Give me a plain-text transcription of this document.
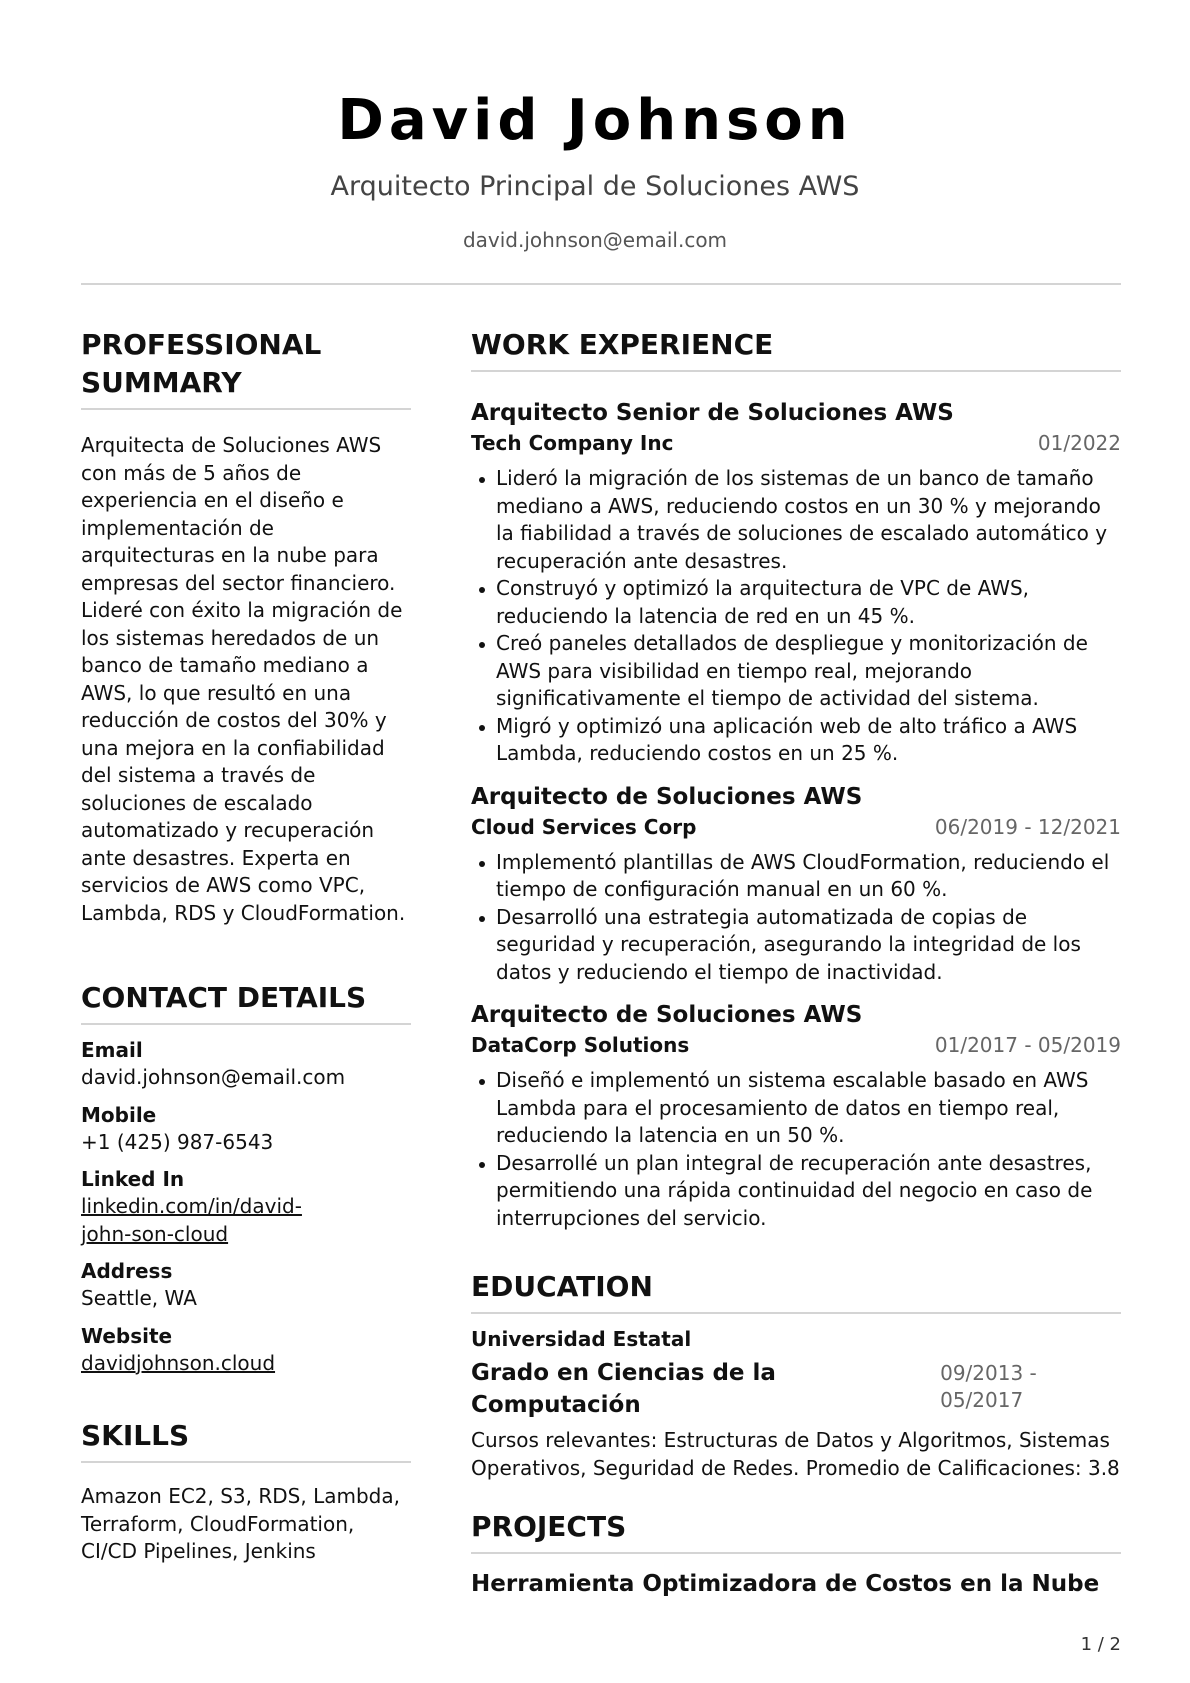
David Johnson
Arquitecto Principal de Soluciones AWS
david.johnson@email.com
PROFESSIONAL
SUMMARY
Arquitecta de Soluciones AWS con más de 5 años de experiencia en el diseño e implementación de arquitecturas en la nube para empresas del sector financiero. Lideré con éxito la migración de los sistemas heredados de un banco de tamaño mediano a AWS, lo que resultó en una reducción de costos del 30% y una mejora en la confiabilidad del sistema a través de soluciones de escalado automatizado y recuperación ante desastres. Experta en servicios de AWS como VPC, Lambda, RDS y CloudFormation.
CONTACT DETAILS
Email
david.johnson@email.com
Mobile
+1 (425) 987-6543
Linked In
linkedin.com/in/david-john-son-cloud
Address
Seattle, WA
Website
davidjohnson.cloud
SKILLS
Amazon EC2, S3, RDS, Lambda, Terraform, CloudFormation, CI/CD Pipelines, Jenkins
WORK EXPERIENCE
Arquitecto Senior de Soluciones AWS
Tech Company Inc	01/2022
Lideró la migración de los sistemas de un banco de tamaño mediano a AWS, reduciendo costos en un 30 % y mejorando la fiabilidad a través de soluciones de escalado automático y recuperación ante desastres.
Construyó y optimizó la arquitectura de VPC de AWS, reduciendo la latencia de red en un 45 %.
Creó paneles detallados de despliegue y monitorización de AWS para visibilidad en tiempo real, mejorando significativamente el tiempo de actividad del sistema.
Migró y optimizó una aplicación web de alto tráfico a AWS Lambda, reduciendo costos en un 25 %.
Arquitecto de Soluciones AWS
Cloud Services Corp	06/2019 - 12/2021
Implementó plantillas de AWS CloudFormation, reduciendo el tiempo de configuración manual en un 60 %.
Desarrolló una estrategia automatizada de copias de seguridad y recuperación, asegurando la integridad de los datos y reduciendo el tiempo de inactividad.
Arquitecto de Soluciones AWS
DataCorp Solutions	01/2017 - 05/2019
Diseñó e implementó un sistema escalable basado en AWS Lambda para el procesamiento de datos en tiempo real, reduciendo la latencia en un 50 %.
Desarrollé un plan integral de recuperación ante desastres, permitiendo una rápida continuidad del negocio en caso de interrupciones del servicio.
EDUCATION
Universidad Estatal
Grado en Ciencias de la Computación
09/2013 - 05/2017
Cursos relevantes: Estructuras de Datos y Algoritmos, Sistemas Operativos, Seguridad de Redes. Promedio de Calificaciones: 3.8
PROJECTS
Herramienta Optimizadora de Costos en la Nube
1 / 2
